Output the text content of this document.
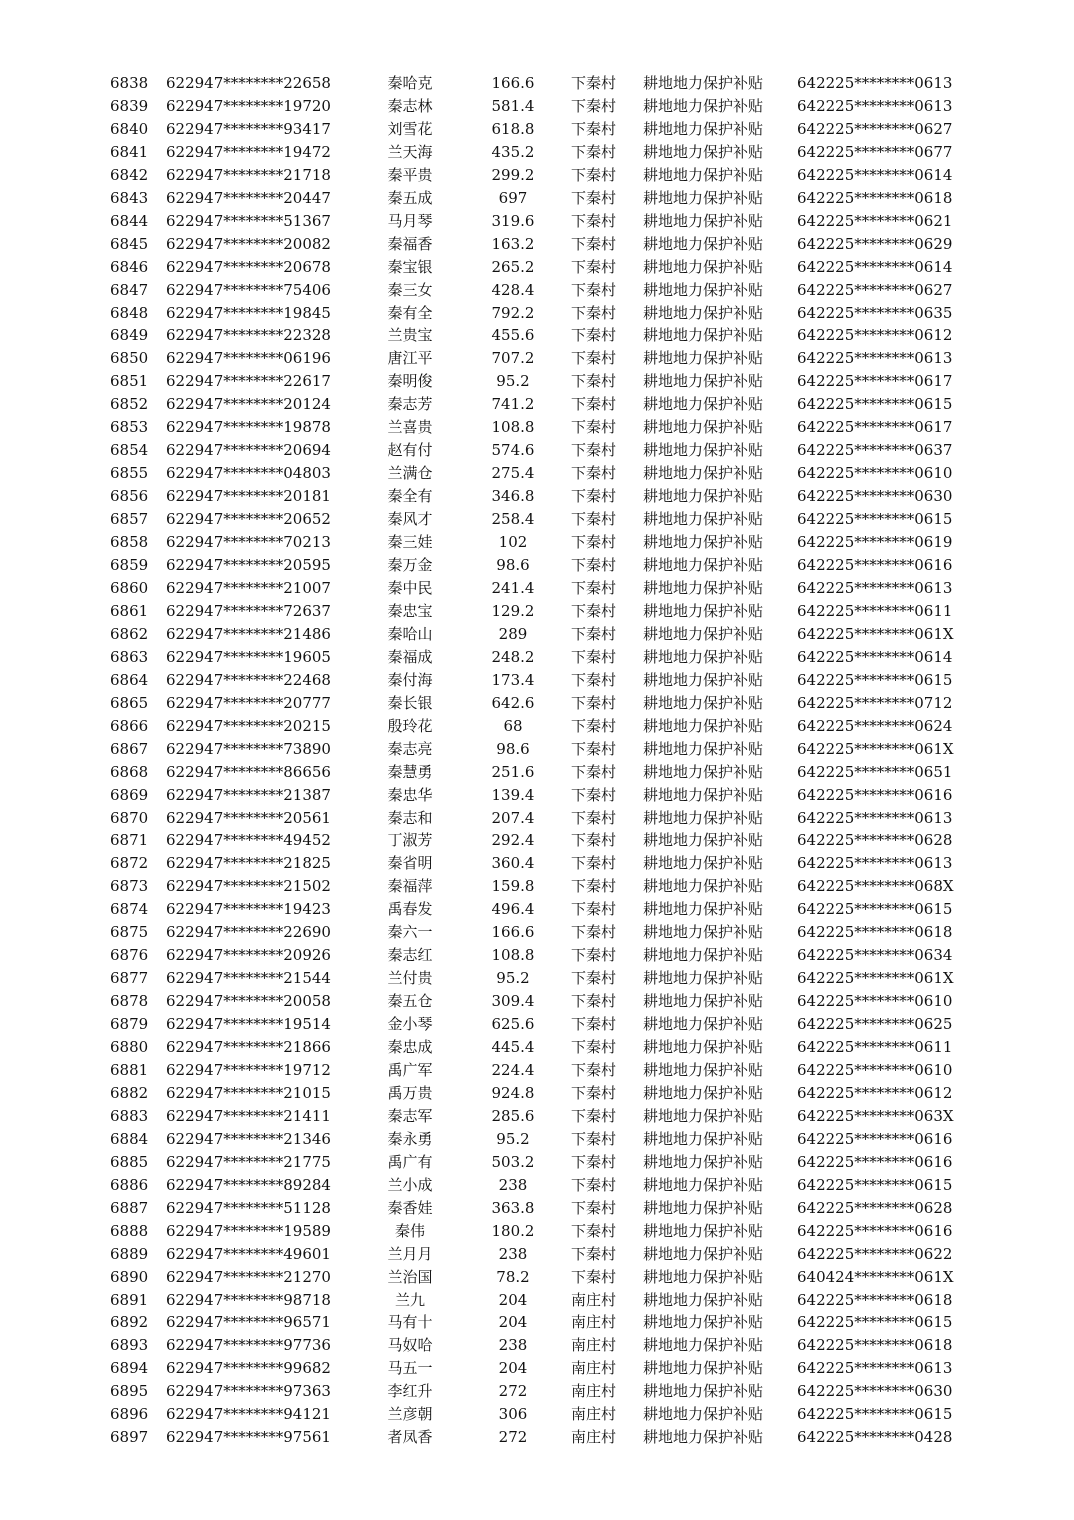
6838 622947********22658	秦哈克	166.6	下秦村 耕地地力保护补贴 642225********0613
6839 622947********19720	秦志林	581.4	下秦村 耕地地力保护补贴 642225********0613
6840 622947********93417	刘雪花	618.8	下秦村 耕地地力保护补贴 642225********0627
6841 622947********19472	兰天海	435.2	下秦村 耕地地力保护补贴 642225********0677
6842 622947********21718	秦平贵	299.2	下秦村 耕地地力保护补贴 642225********0614
6843 622947********20447	秦五成	697	下秦村 耕地地力保护补贴 642225********0618
6844 622947********51367	马月琴	319.6	下秦村 耕地地力保护补贴 642225********0621
6845 622947********20082	秦福香	163.2	下秦村 耕地地力保护补贴 642225********0629
6846 622947********20678	秦宝银	265.2	下秦村 耕地地力保护补贴 642225********0614
6847 622947********75406	秦三女	428.4	下秦村 耕地地力保护补贴 642225********0627
6848 622947********19845	秦有全	792.2	下秦村 耕地地力保护补贴 642225********0635
6849 622947********22328	兰贵宝	455.6	下秦村 耕地地力保护补贴 642225********0612
6850 622947********06196	唐江平	707.2	下秦村 耕地地力保护补贴 642225********0613
6851 622947********22617	秦明俊	95.2	下秦村 耕地地力保护补贴 642225********0617
6852 622947********20124	秦志芳	741.2	下秦村 耕地地力保护补贴 642225********0615
6853 622947********19878	兰喜贵	108.8	下秦村 耕地地力保护补贴 642225********0617
6854 622947********20694	赵有付	574.6	下秦村 耕地地力保护补贴 642225********0637
6855 622947********04803	兰满仓	275.4	下秦村 耕地地力保护补贴 642225********0610
6856 622947********20181	秦全有	346.8	下秦村 耕地地力保护补贴 642225********0630
6857 622947********20652	秦风才	258.4	下秦村 耕地地力保护补贴 642225********0615
6858 622947********70213	秦三娃	102	下秦村 耕地地力保护补贴 642225********0619
6859 622947********20595	秦万金	98.6	下秦村 耕地地力保护补贴 642225********0616
6860 622947********21007	秦中民	241.4	下秦村 耕地地力保护补贴 642225********0613
6861 622947********72637	秦忠宝	129.2	下秦村 耕地地力保护补贴 642225********0611
6862 622947********21486	秦哈山	289	下秦村 耕地地力保护补贴 642225********061X
6863 622947********19605	秦福成	248.2	下秦村 耕地地力保护补贴 642225********0614
6864 622947********22468	秦付海	173.4	下秦村 耕地地力保护补贴 642225********0615
6865 622947********20777	秦长银	642.6	下秦村 耕地地力保护补贴 642225********0712
6866 622947********20215	殷玲花	68	下秦村 耕地地力保护补贴 642225********0624
6867 622947********73890	秦志亮	98.6	下秦村 耕地地力保护补贴 642225********061X
6868 622947********86656	秦慧勇	251.6	下秦村 耕地地力保护补贴 642225********0651
6869 622947********21387	秦忠华	139.4	下秦村 耕地地力保护补贴 642225********0616
6870 622947********20561	秦志和	207.4	下秦村 耕地地力保护补贴 642225********0613
6871 622947********49452	丁淑芳	292.4	下秦村 耕地地力保护补贴 642225********0628
6872 622947********21825	秦省明	360.4	下秦村 耕地地力保护补贴 642225********0613
6873 622947********21502	秦福萍	159.8	下秦村 耕地地力保护补贴 642225********068X
6874 622947********19423	禹春发	496.4	下秦村 耕地地力保护补贴 642225********0615
6875 622947********22690	秦六一	166.6	下秦村 耕地地力保护补贴 642225********0618
6876 622947********20926	秦志红	108.8	下秦村 耕地地力保护补贴 642225********0634
6877 622947********21544	兰付贵	95.2	下秦村 耕地地力保护补贴 642225********061X
6878 622947********20058	秦五仓	309.4	下秦村 耕地地力保护补贴 642225********0610
6879 622947********19514	金小琴	625.6	下秦村 耕地地力保护补贴 642225********0625
6880 622947********21866	秦忠成	445.4	下秦村 耕地地力保护补贴 642225********0611
6881 622947********19712	禹广军	224.4	下秦村 耕地地力保护补贴 642225********0610
6882 622947********21015	禹万贵	924.8	下秦村 耕地地力保护补贴 642225********0612
6883 622947********21411	秦志军	285.6	下秦村 耕地地力保护补贴 642225********063X
6884 622947********21346	秦永勇	95.2	下秦村 耕地地力保护补贴 642225********0616
6885 622947********21775	禹广有	503.2	下秦村 耕地地力保护补贴 642225********0616
6886 622947********89284	兰小成	238	下秦村 耕地地力保护补贴 642225********0615
6887 622947********51128	秦香娃	363.8	下秦村 耕地地力保护补贴 642225********0628
6888 622947********19589	秦伟	180.2	下秦村 耕地地力保护补贴 642225********0616
6889 622947********49601	兰月月	238	下秦村 耕地地力保护补贴 642225********0622
6890 622947********21270	兰治国	78.2	下秦村 耕地地力保护补贴 640424********061X
6891 622947********98718	兰九	204	南庄村 耕地地力保护补贴 642225********0618
6892 622947********96571	马有十	204	南庄村 耕地地力保护补贴 642225********0615
6893 622947********97736	马奴哈	238	南庄村 耕地地力保护补贴 642225********0618
6894 622947********99682	马五一	204	南庄村 耕地地力保护补贴 642225********0613
6895 622947********97363	李红升	272	南庄村 耕地地力保护补贴 642225********0630
6896 622947********94121	兰彦朝	306	南庄村 耕地地力保护补贴 642225********0615
6897 622947********97561	者凤香	272	南庄村 耕地地力保护补贴 642225********0428
